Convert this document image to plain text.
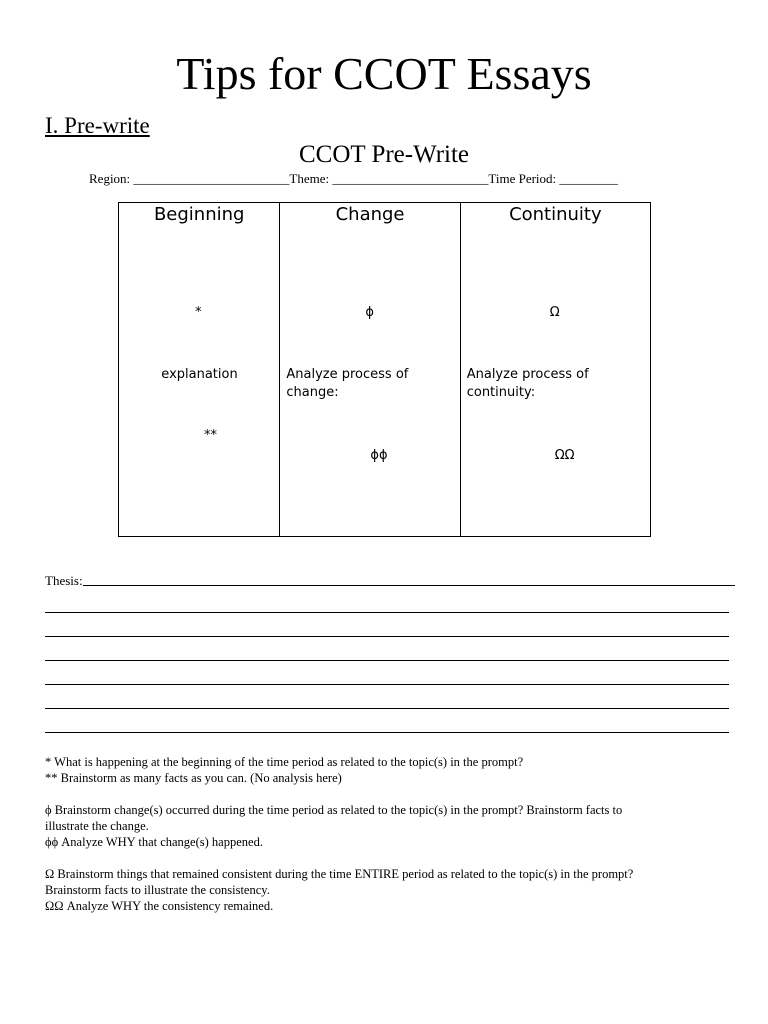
Tips for CCOT Essays
I. Pre-write
CCOT Pre-Write
Region: ________________________Theme: ________________________Time Period: _________
Beginning
*
explanation
**
Change
ϕ
Analyze process of change:
ϕϕ
Continuity
Ω
Analyze process of continuity:
ΩΩ
Thesis:
* What is happening at the beginning of the time period as related to the topic(s) in the prompt?
** Brainstorm as many facts as you can. (No analysis here)
ϕ Brainstorm change(s) occurred during the time period as related to the topic(s) in the prompt? Brainstorm facts to
illustrate the change.
ϕϕ Analyze WHY that change(s) happened.
Ω Brainstorm things that remained consistent during the time ENTIRE period as related to the topic(s) in the prompt?
Brainstorm facts to illustrate the consistency.
ΩΩ Analyze WHY the consistency remained.
